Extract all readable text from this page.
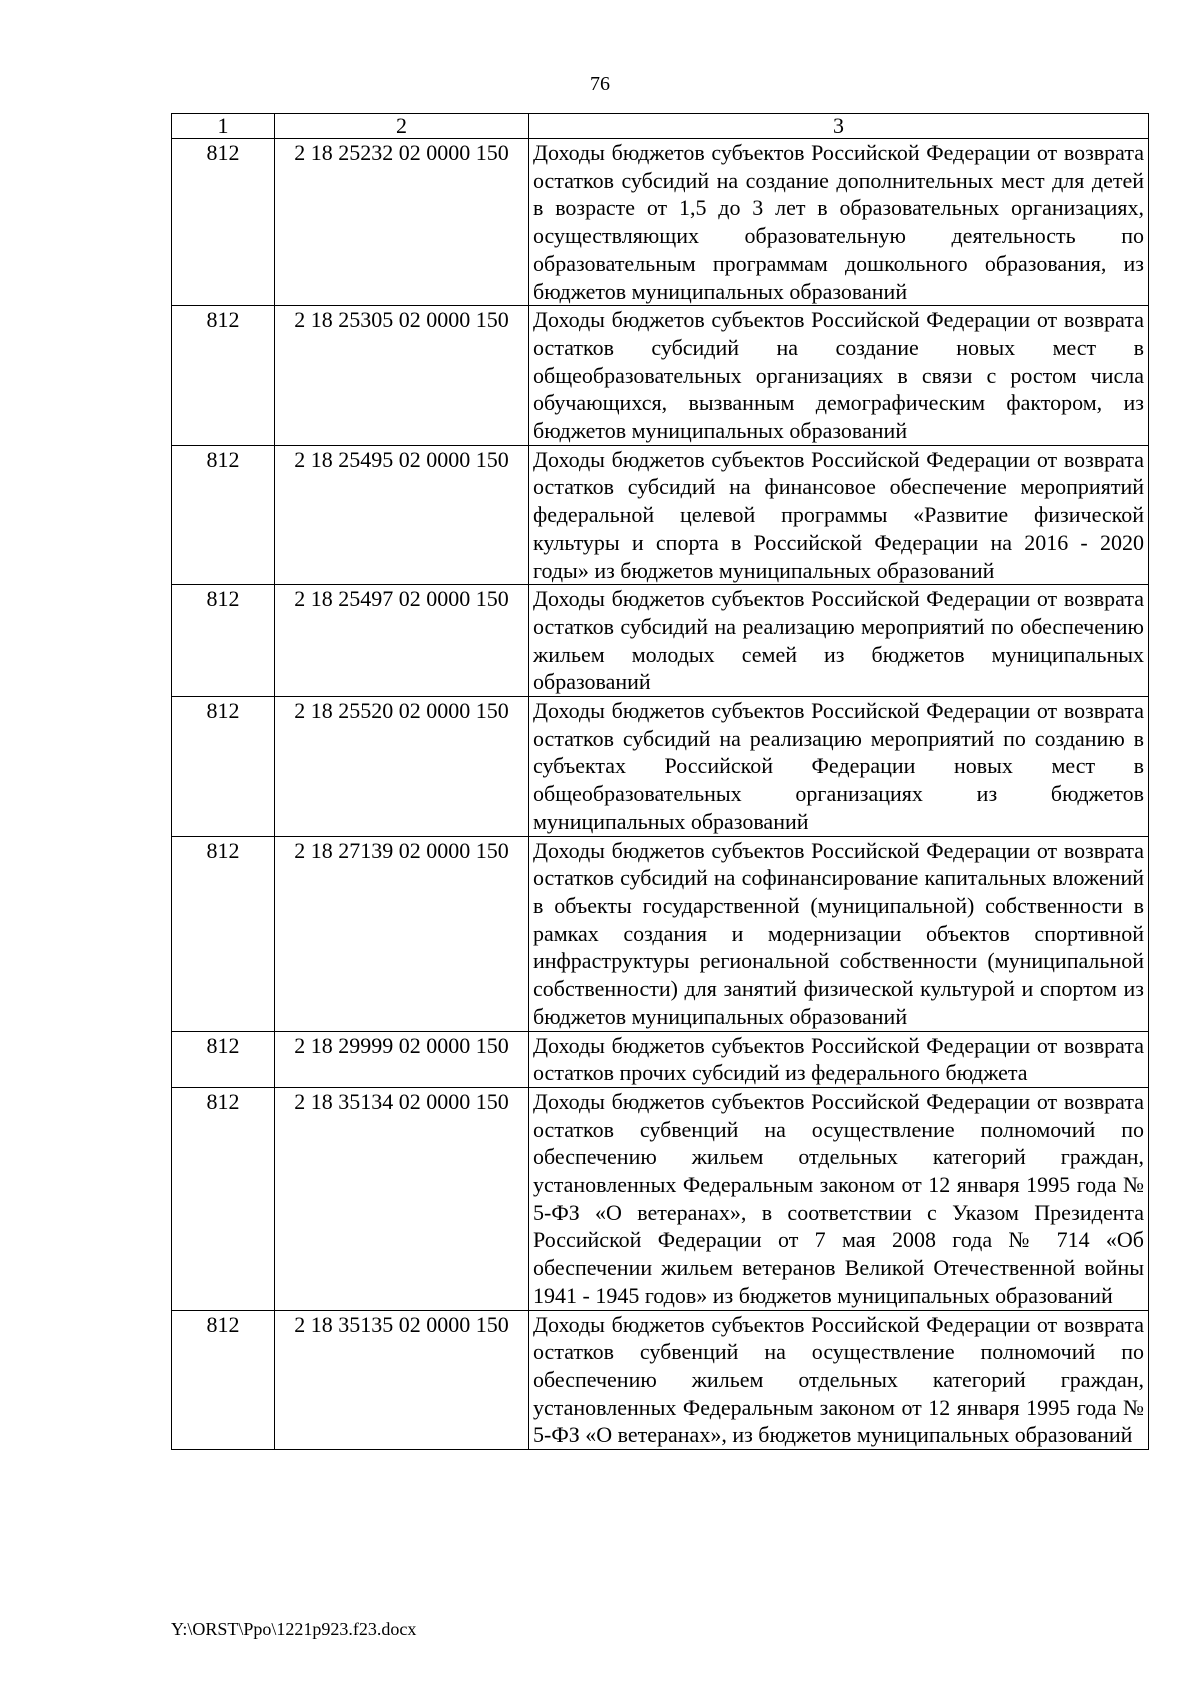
76
1	2	3
812	2 18 25232 02 0000 150	Доходы бюджетов субъектов Российской Федерации от возврата остатков субсидий на создание дополнительных мест для детей в возрасте от 1,5 до 3 лет в образовательных организациях, осуществляющих образовательную деятельность по образовательным программам дошкольного образования, из бюджетов муниципальных образований
812	2 18 25305 02 0000 150	Доходы бюджетов субъектов Российской Федерации от возврата остатков субсидий на создание новых мест в общеобразовательных организациях в связи с ростом числа обучающихся, вызванным демографическим фактором, из бюджетов муниципальных образований
812	2 18 25495 02 0000 150	Доходы бюджетов субъектов Российской Федерации от возврата остатков субсидий на финансовое обеспечение мероприятий федеральной целевой программы «Развитие физической культуры и спорта в Российской Федерации на 2016 - 2020 годы» из бюджетов муниципальных образований
812	2 18 25497 02 0000 150	Доходы бюджетов субъектов Российской Федерации от возврата остатков субсидий на реализацию мероприятий по обеспечению жильем молодых семей из бюджетов муниципальных образований
812	2 18 25520 02 0000 150	Доходы бюджетов субъектов Российской Федерации от возврата остатков субсидий на реализацию мероприятий по созданию в субъектах Российской Федерации новых мест в общеобразовательных организациях из бюджетов муниципальных образований
812	2 18 27139 02 0000 150	Доходы бюджетов субъектов Российской Федерации от возврата остатков субсидий на софинансирование капитальных вложений в объекты государственной (муниципальной) собственности в рамках создания и модернизации объектов спортивной инфраструктуры региональной собственности (муниципальной собственности) для занятий физической культурой и спортом из бюджетов муниципальных образований
812	2 18 29999 02 0000 150	Доходы бюджетов субъектов Российской Федерации от возврата остатков прочих субсидий из федерального бюджета
812	2 18 35134 02 0000 150	Доходы бюджетов субъектов Российской Федерации от возврата остатков субвенций на осуществление полномочий по обеспечению жильем отдельных категорий граждан, установленных Федеральным законом от 12 января 1995 года № 5-ФЗ «О ветеранах», в соответствии с Указом Президента Российской Федерации от 7 мая 2008 года № 714 «Об обеспечении жильем ветеранов Великой Отечественной войны 1941 - 1945 годов» из бюджетов муниципальных образований
812	2 18 35135 02 0000 150	Доходы бюджетов субъектов Российской Федерации от возврата остатков субвенций на осуществление полномочий по обеспечению жильем отдельных категорий граждан, установленных Федеральным законом от 12 января 1995 года № 5-ФЗ «О ветеранах», из бюджетов муниципальных образований
Y:\ORST\Ppo\1221p923.f23.docx
